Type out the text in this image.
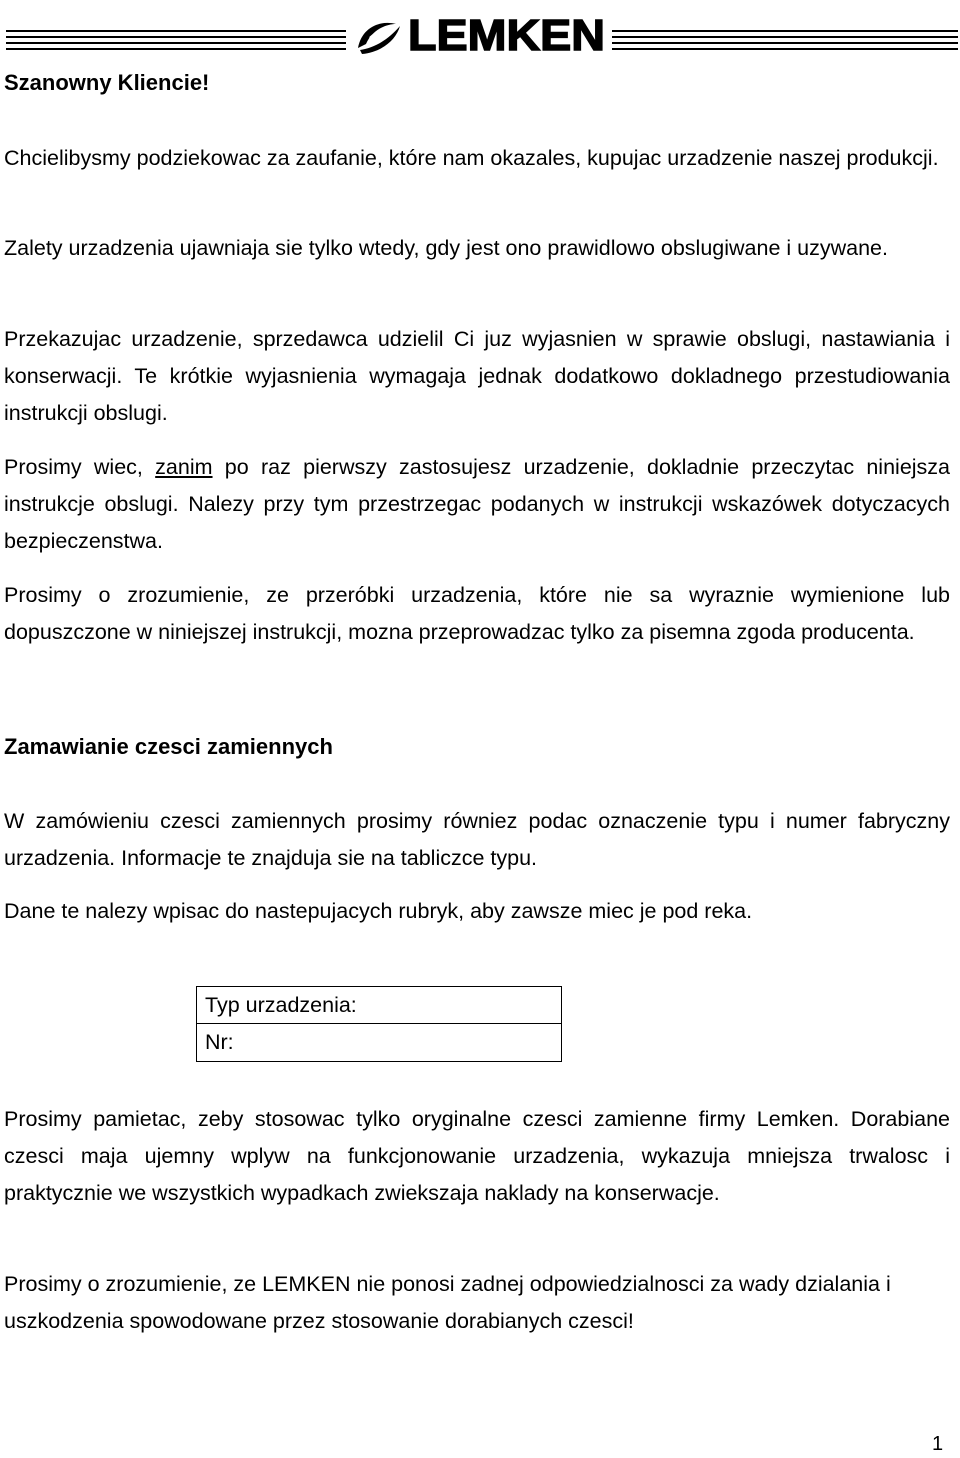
LEMKEN
Szanowny Kliencie!
Chcielibysmy podziekowac za zaufanie, które nam okazales, kupujac urzadzenie naszej produkcji.
Zalety urzadzenia ujawniaja sie tylko wtedy, gdy jest ono prawidlowo obslugiwane i uzywane.
Przekazujac urzadzenie, sprzedawca udzielil Ci juz wyjasnien w sprawie obslugi, nastawiania i konserwacji. Te krótkie wyjasnienia wymagaja jednak dodatkowo dokladnego przestudiowania instrukcji obslugi.
Prosimy wiec, zanim po raz pierwszy zastosujesz urzadzenie, dokladnie przeczytac niniejsza instrukcje obslugi. Nalezy przy tym przestrzegac podanych w instrukcji wskazówek dotyczacych bezpieczenstwa.
Prosimy o zrozumienie, ze przeróbki urzadzenia, które nie sa wyraznie wymienione lub dopuszczone w niniejszej instrukcji, mozna przeprowadzac tylko za pisemna zgoda producenta.
Zamawianie czesci zamiennych
W zamówieniu czesci zamiennych prosimy równiez podac oznaczenie typu i numer fabryczny urzadzenia. Informacje te znajduja sie na tabliczce typu.
Dane te nalezy wpisac do nastepujacych rubryk, aby zawsze miec je pod reka.
Prosimy pamietac, zeby stosowac tylko oryginalne czesci zamienne firmy Lemken. Dorabiane czesci maja ujemny wplyw na funkcjonowanie urzadzenia, wykazuja mniejsza trwalosc i praktycznie we wszystkich wypadkach zwiekszaja naklady na konserwacje.
Prosimy o zrozumienie, ze LEMKEN nie ponosi zadnej odpowiedzialnosci za wady dzialania i uszkodzenia spowodowane przez stosowanie dorabianych czesci!
Typ urzadzenia:
Nr:
1
